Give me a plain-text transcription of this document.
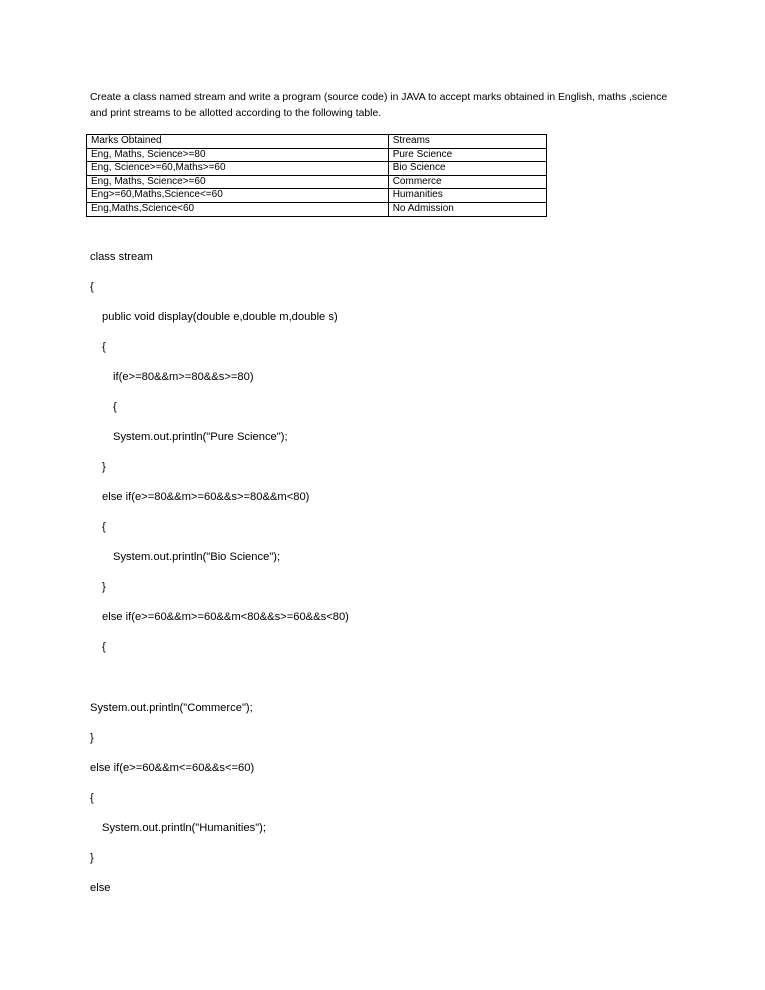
Create a class named stream and write a program (source code) in JAVA to accept marks obtained in English, maths ,science

and print streams to be allotted according to the following table.

Marks Obtained	Streams
Eng, Maths, Science>=80	Pure Science
Eng, Science>=60,Maths>=60	Bio Science
Eng, Maths, Science>=60	Commerce
Eng>=60,Maths,Science<=60	Humanities
Eng,Maths,Science<60	No Admission
class stream
{
public void display(double e,double m,double s)
{
if(e>=80&&m>=80&&s>=80)
{
System.out.println("Pure Science");
}
else if(e>=80&&m>=60&&s>=80&&m<80)
{
System.out.println("Bio Science");
}
else if(e>=60&&m>=60&&m<80&&s>=60&&s<80)
{
System.out.println("Commerce");
}
else if(e>=60&&m<=60&&s<=60)
{
System.out.println("Humanities");
}
else
